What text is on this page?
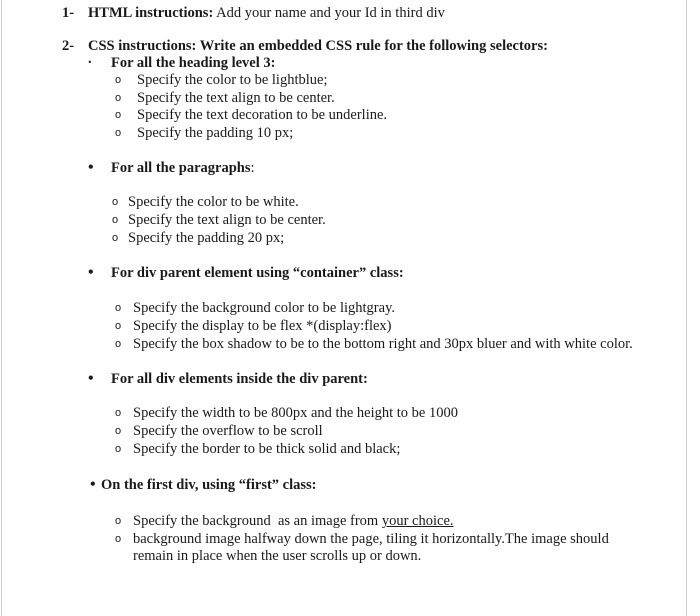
1- HTML instructions: Add your name and your Id in third div
2- CSS instructions: Write an embedded CSS rule for the following selectors:
. For all the heading level 3:
o Specify the color to be lightblue;
o Specify the text align to be center.
o Specify the text decoration to be underline.
o Specify the padding 10 px;
• For all the paragraphs:
o Specify the color to be white.
o Specify the text align to be center.
o Specify the padding 20 px;
• For div parent element using “container” class:
o Specify the background color to be lightgray.
o Specify the display to be flex *(display:flex)
o Specify the box shadow to be to the bottom right and 30px bluer and with white color.
• For all div elements inside the div parent:
o Specify the width to be 800px and the height to be 1000
o Specify the overflow to be scroll
o Specify the border to be thick solid and black;
• On the first div, using “first” class:
o Specify the background  as an image from your choice.
o background image halfway down the page, tiling it horizontally.The image should
remain in place when the user scrolls up or down.
